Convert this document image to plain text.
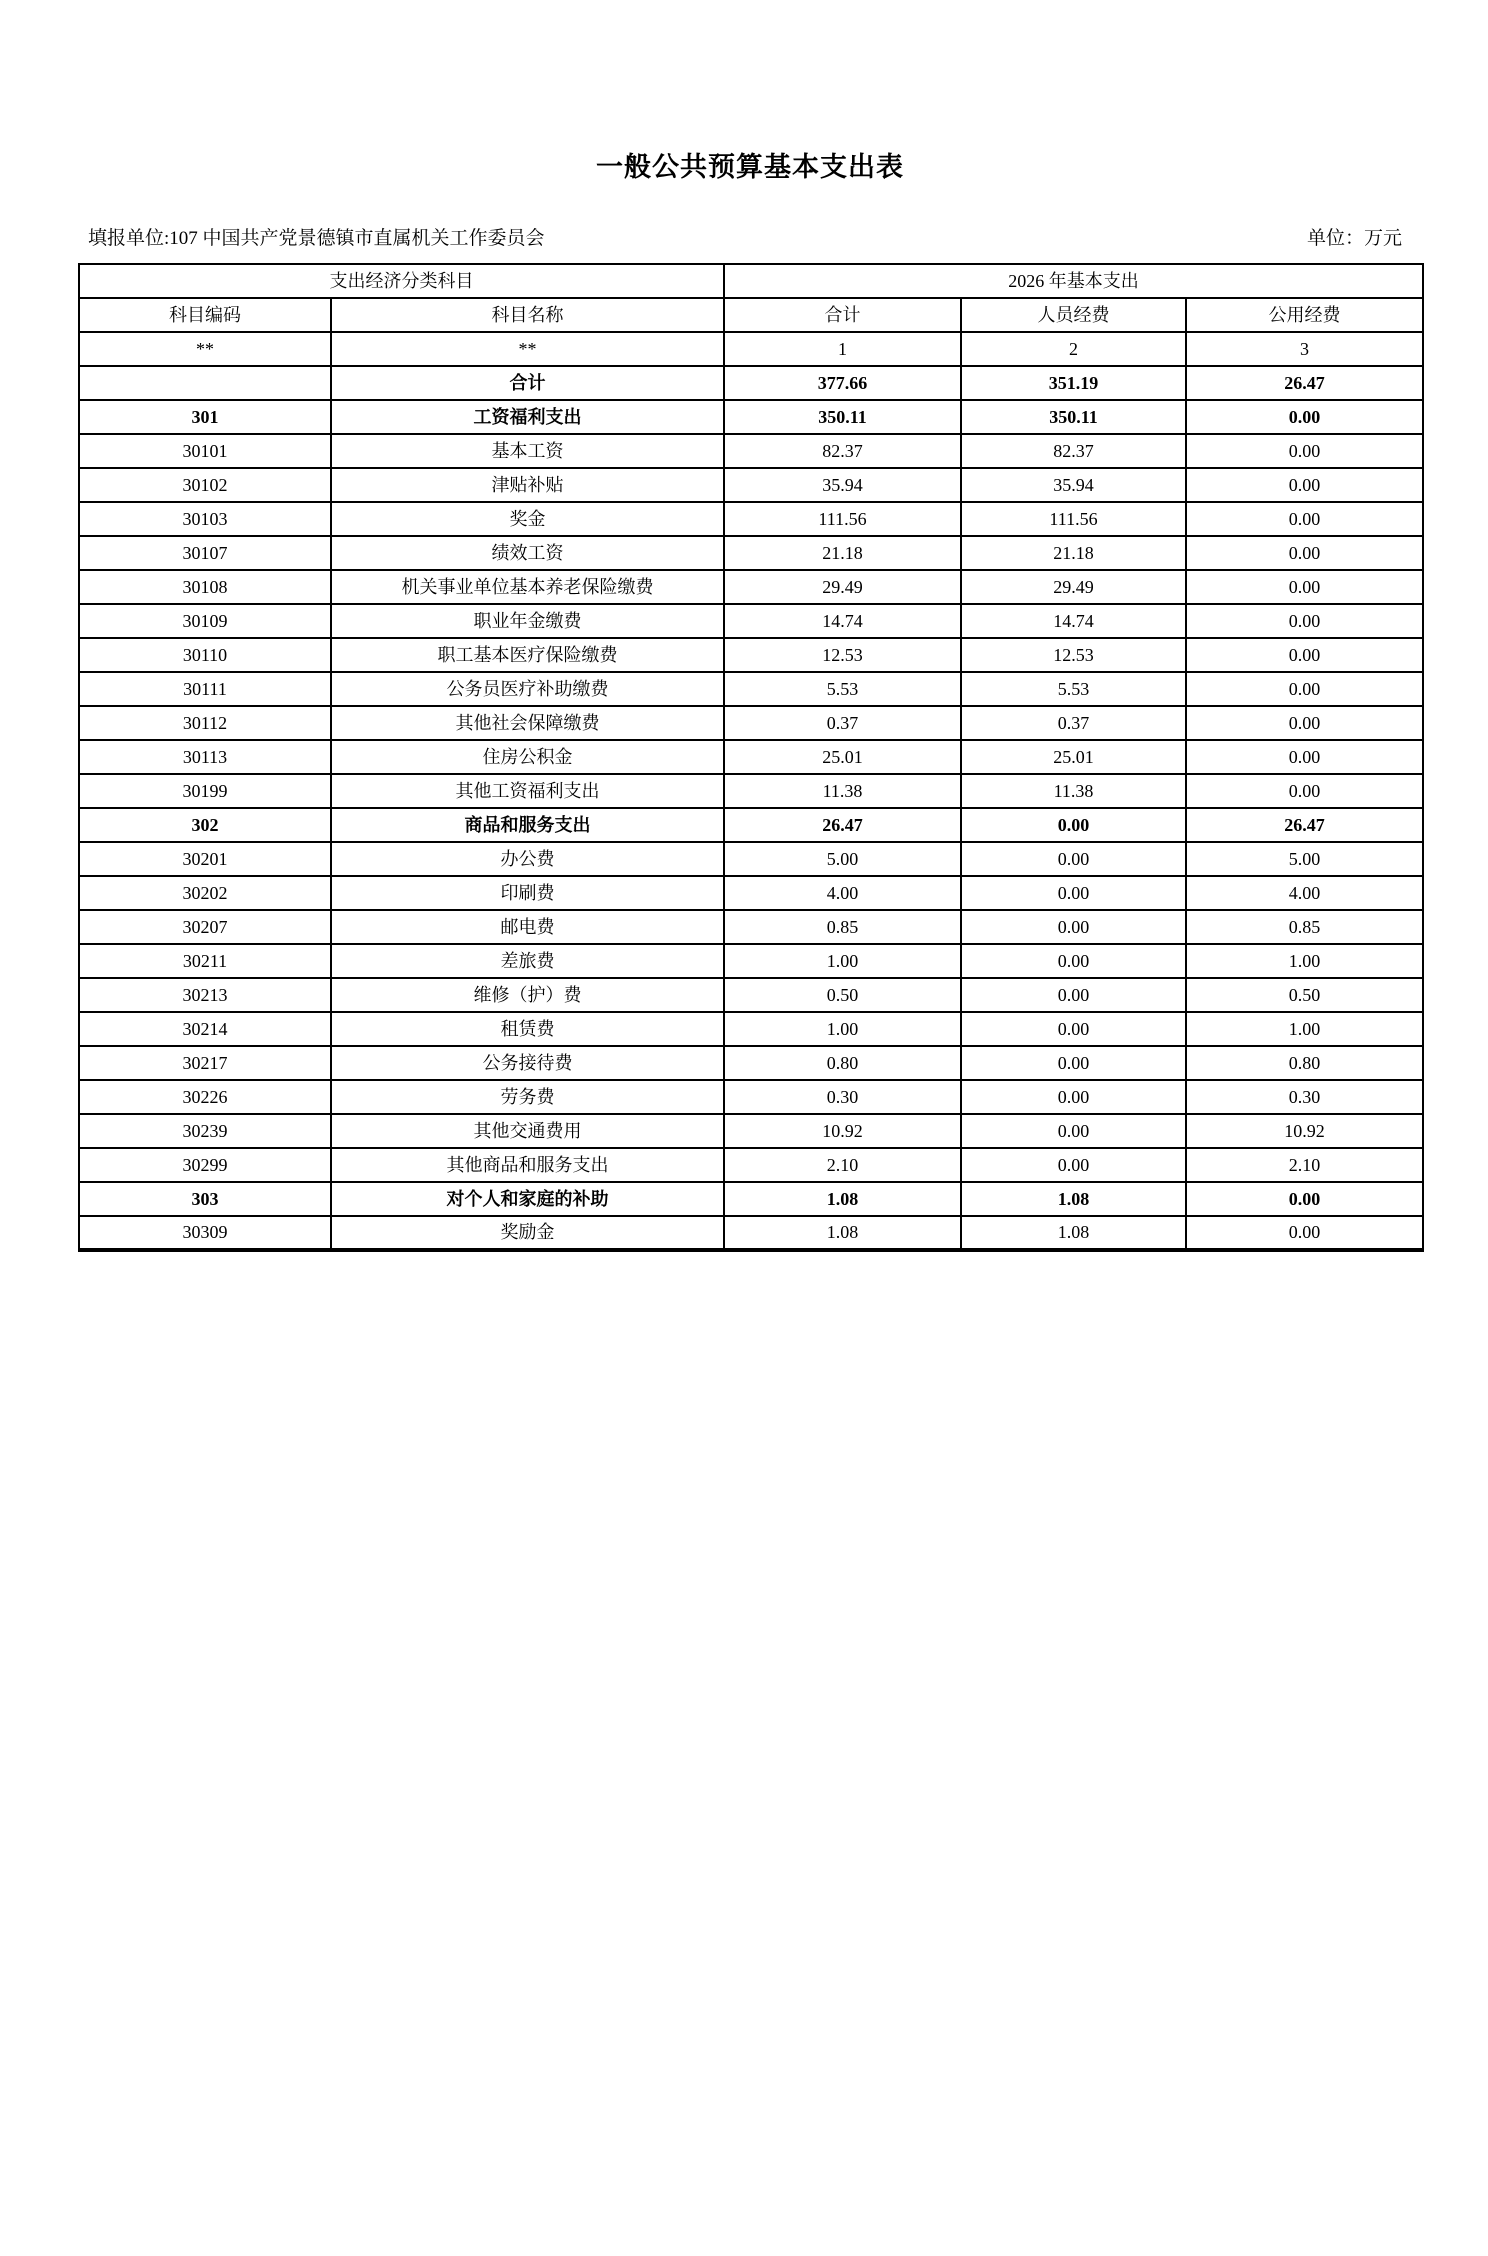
一般公共预算基本支出表
填报单位:107 中国共产党景德镇市直属机关工作委员会	单位：万元
支出经济分类科目		2026 年基本支出		
科目编码	科目名称	合计	人员经费	公用经费
**	**	1	2	3
	合计	377.66	351.19	26.47
301	工资福利支出	350.11	350.11	0.00
30101	基本工资	82.37	82.37	0.00
30102	津贴补贴	35.94	35.94	0.00
30103	奖金	111.56	111.56	0.00
30107	绩效工资	21.18	21.18	0.00
30108	机关事业单位基本养老保险缴费	29.49	29.49	0.00
30109	职业年金缴费	14.74	14.74	0.00
30110	职工基本医疗保险缴费	12.53	12.53	0.00
30111	公务员医疗补助缴费	5.53	5.53	0.00
30112	其他社会保障缴费	0.37	0.37	0.00
30113	住房公积金	25.01	25.01	0.00
30199	其他工资福利支出	11.38	11.38	0.00
302	商品和服务支出	26.47	0.00	26.47
30201	办公费	5.00	0.00	5.00
30202	印刷费	4.00	0.00	4.00
30207	邮电费	0.85	0.00	0.85
30211	差旅费	1.00	0.00	1.00
30213	维修（护）费	0.50	0.00	0.50
30214	租赁费	1.00	0.00	1.00
30217	公务接待费	0.80	0.00	0.80
30226	劳务费	0.30	0.00	0.30
30239	其他交通费用	10.92	0.00	10.92
30299	其他商品和服务支出	2.10	0.00	2.10
303	对个人和家庭的补助	1.08	1.08	0.00
30309	奖励金	1.08	1.08	0.00
